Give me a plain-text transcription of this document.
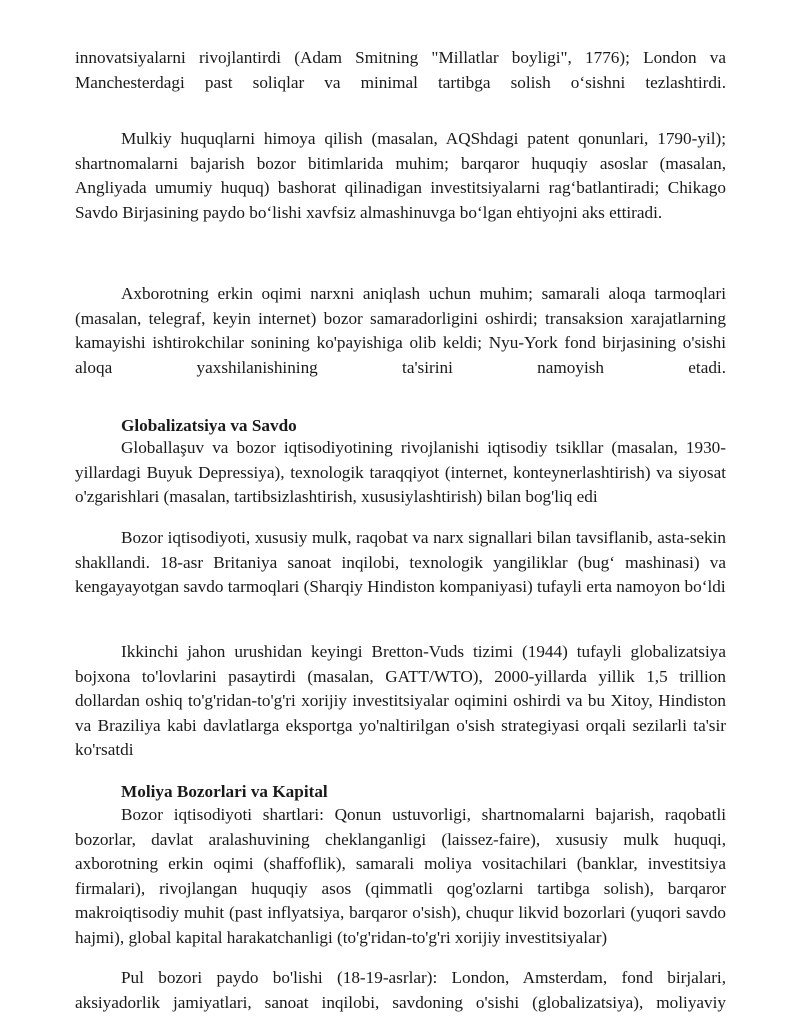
innovatsiyalarni rivojlantirdi (Adam Smitning "Millatlar boyligi", 1776); London va Manchesterdagi past soliqlar va minimal tartibga solish oʻsishni tezlashtirdi.

Mulkiy huquqlarni himoya qilish (masalan, AQShdagi patent qonunlari, 1790-yil); shartnomalarni bajarish bozor bitimlarida muhim; barqaror huquqiy asoslar (masalan, Angliyada umumiy huquq) bashorat qilinadigan investitsiyalarni ragʻbatlantiradi; Chikago Savdo Birjasining paydo boʻlishi xavfsiz almashinuvga boʻlgan ehtiyojni aks ettiradi.

Axborotning erkin oqimi narxni aniqlash uchun muhim; samarali aloqa tarmoqlari (masalan, telegraf, keyin internet) bozor samaradorligini oshirdi; transaksion xarajatlarning kamayishi ishtirokchilar sonining ko'payishiga olib keldi; Nyu-York fond birjasining o'sishi aloqa yaxshilanishining ta'sirini namoyish etadi.

Globalizatsiya va Savdo

Globallaşuv va bozor iqtisodiyotining rivojlanishi iqtisodiy tsikllar (masalan, 1930-yillardagi Buyuk Depressiya), texnologik taraqqiyot (internet, konteynerlashtirish) va siyosat o'zgarishlari (masalan, tartibsizlashtirish, xususiylashtirish) bilan bog'liq edi

Bozor iqtisodiyoti, xususiy mulk, raqobat va narx signallari bilan tavsiflanib, asta-sekin shakllandi. 18-asr Britaniya sanoat inqilobi, texnologik yangiliklar (bugʻ mashinasi) va kengayayotgan savdo tarmoqlari (Sharqiy Hindiston kompaniyasi) tufayli erta namoyon boʻldi

Ikkinchi jahon urushidan keyingi Bretton-Vuds tizimi (1944) tufayli globalizatsiya bojxona to'lovlarini pasaytirdi (masalan, GATT/WTO), 2000-yillarda yillik 1,5 trillion dollardan oshiq to'g'ridan-to'g'ri xorijiy investitsiyalar oqimini oshirdi va bu Xitoy, Hindiston va Braziliya kabi davlatlarga eksportga yo'naltirilgan o'sish strategiyasi orqali sezilarli ta'sir ko'rsatdi

Moliya Bozorlari va Kapital

Bozor iqtisodiyoti shartlari: Qonun ustuvorligi, shartnomalarni bajarish, raqobatli bozorlar, davlat aralashuvining cheklanganligi (laissez-faire), xususiy mulk huquqi, axborotning erkin oqimi (shaffoflik), samarali moliya vositachilari (banklar, investitsiya firmalari), rivojlangan huquqiy asos (qimmatli qog'ozlarni tartibga solish), barqaror makroiqtisodiy muhit (past inflyatsiya, barqaror o'sish), chuqur likvid bozorlari (yuqori savdo hajmi), global kapital harakatchanligi (to'g'ridan-to'g'ri xorijiy investitsiyalar)

Pul bozori paydo bo'lishi (18-19-asrlar): London, Amsterdam, fond birjalari, aksiyadorlik jamiyatlari, sanoat inqilobi, savdoning o'sishi (globalizatsiya), moliyaviy
